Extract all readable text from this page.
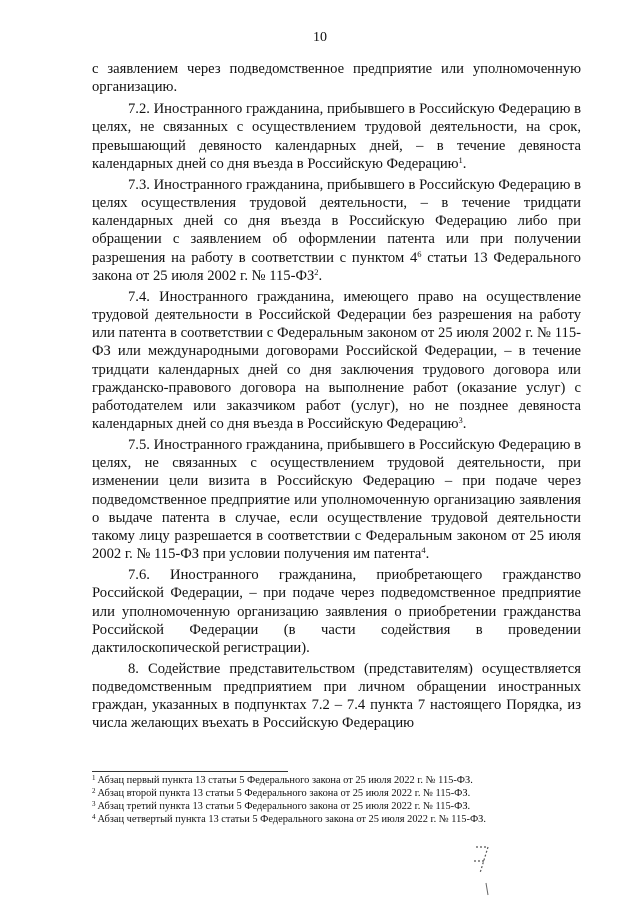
10

с заявлением через подведомственное предприятие или уполномоченную организацию.

7.2. Иностранного гражданина, прибывшего в Российскую Федерацию в целях, не связанных с осуществлением трудовой деятельности, на срок, превышающий девяносто календарных дней, – в течение девяноста календарных дней со дня въезда в Российскую Федерацию$^1$.

7.3. Иностранного гражданина, прибывшего в Российскую Федерацию в целях осуществления трудовой деятельности, – в течение тридцати календарных дней со дня въезда в Российскую Федерацию либо при обращении с заявлением об оформлении патента или при получении разрешения на работу в соответствии с пунктом $4^6$ статьи 13 Федерального закона от 25 июля 2002 г. № $115-ФЗ^2$.

7.4. Иностранного гражданина, имеющего право на осуществление трудовой деятельности в Российской Федерации без разрешения на работу или патента в соответствии с Федеральным законом от 25 июля 2002 г. № 115-ФЗ или международными договорами Российской Федерации, – в течение тридцати календарных дней со дня заключения трудового договора или гражданско-правового договора на выполнение работ (оказание услуг) с работодателем или заказчиком работ (услуг), но не позднее девяноста календарных дней со дня въезда в Российскую Федерацию$^3$.

7.5. Иностранного гражданина, прибывшего в Российскую Федерацию в целях, не связанных с осуществлением трудовой деятельности, при изменении цели визита в Российскую Федерацию – при подаче через подведомственное предприятие или уполномоченную организацию заявления о выдаче патента в случае, если осуществление трудовой деятельности такому лицу разрешается в соответствии с Федеральным законом от 25 июля 2002 г. № 115-ФЗ при условии получения им патента$^4$.

7.6. Иностранного гражданина, приобретающего гражданство Российской Федерации, – при подаче через подведомственное предприятие или уполномоченную организацию заявления о приобретении гражданства Российской Федерации (в части содействия в проведении дактилоскопической регистрации).

8. Содействие представительством (представителям) осуществляется подведомственным предприятием при личном обращении иностранных граждан, указанных в подпунктах 7.2 – 7.4 пункта 7 настоящего Порядка, из числа желающих въехать в Российскую Федерацию

$^1$ Абзац первый пункта 13 статьи 5 Федерального закона от 25 июля 2022 г. № 115-ФЗ.

$^2$ Абзац второй пункта 13 статьи 5 Федерального закона от 25 июля 2022 г. № 115-ФЗ.

$^3$ Абзац третий пункта 13 статьи 5 Федерального закона от 25 июля 2022 г. № 115-ФЗ.

$^4$ Абзац четвертый пункта 13 статьи 5 Федерального закона от 25 июля 2022 г. № 115-ФЗ.
